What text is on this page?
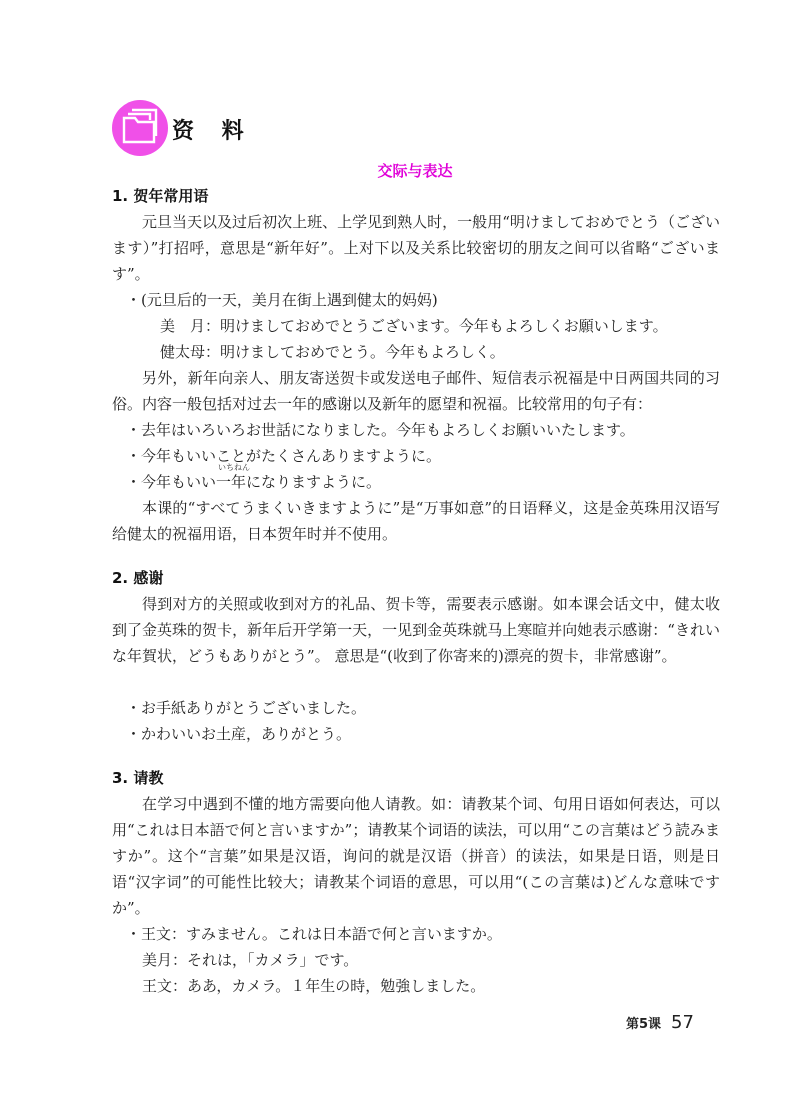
资 料
交际与表达
1. 贺年常用语

元旦当天以及过后初次上班、上学见到熟人时，一般用“明けましておめでとう（ございます）”打招呼，意思是“新年好”。上对下以及关系比较密切的朋友之间可以省略“ございます”。

・(元旦后的一天，美月在街上遇到健太的妈妈)
美　月：明けましておめでとうございます。今年もよろしくお願いします。
健太母：明けましておめでとう。今年もよろしく。

另外，新年向亲人、朋友寄送贺卡或发送电子邮件、短信表示祝福是中日两国共同的习俗。内容一般包括对过去一年的感谢以及新年的愿望和祝福。比较常用的句子有：

・去年はいろいろお世話になりました。今年もよろしくお願いいたします。
・今年もいいことがたくさんありますように。
・今年もいい
いちねん
一年になりますように。

本课的“すべてうまくいきますように”是“万事如意”的日语释义，这是金英珠用汉语写给健太的祝福用语，日本贺年时并不使用。

2. 感谢

得到对方的关照或收到对方的礼品、贺卡等，需要表示感谢。如本课会话文中，健太收到了金英珠的贺卡，新年后开学第一天，一见到金英珠就马上寒暄并向她表示感谢：“きれいな年賀状，どうもありがとう”。 意思是“(收到了你寄来的)漂亮的贺卡，非常感谢”。

・お手紙ありがとうございました。
・かわいいお土産，ありがとう。
3. 请教

在学习中遇到不懂的地方需要向他人请教。如：请教某个词、句用日语如何表达，可以用“これは日本語で何と言いますか”；请教某个词语的读法，可以用“この言葉はどう読みますか”。这个“言葉”如果是汉语，询问的就是汉语（拼音）的读法，如果是日语，则是日语“汉字词”的可能性比较大；请教某个词语的意思，可以用“(この言葉は)どんな意味ですか”。

・王文：すみません。これは日本語で何と言いますか。
美月：それは，「カメラ」です。
王文：ああ，カメラ。１年生の時，勉強しました。
第5课 57
